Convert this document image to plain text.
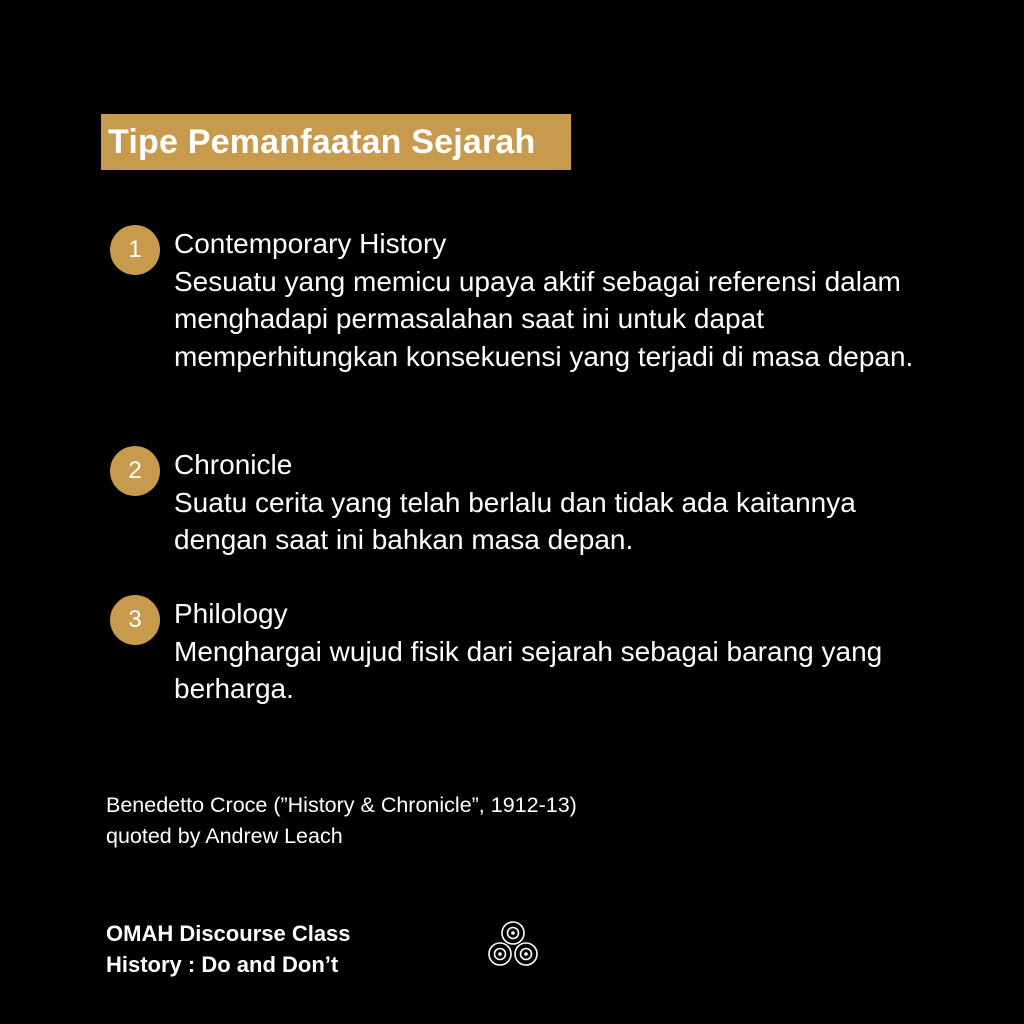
Tipe Pemanfaatan Sejarah
1	Contemporary History
Sesuatu yang memicu upaya aktif sebagai referensi dalam menghadapi permasalahan saat ini untuk dapat memperhitungkan konsekuensi yang terjadi di masa depan.
2	Chronicle
Suatu cerita yang telah berlalu dan tidak ada kaitannya dengan saat ini bahkan masa depan.
3	Philology
Menghargai wujud fisik dari sejarah sebagai barang yang berharga.
Benedetto Croce (”History & Chronicle”, 1912-13)
quoted by Andrew Leach
OMAH Discourse Class
History : Do and Don’t
